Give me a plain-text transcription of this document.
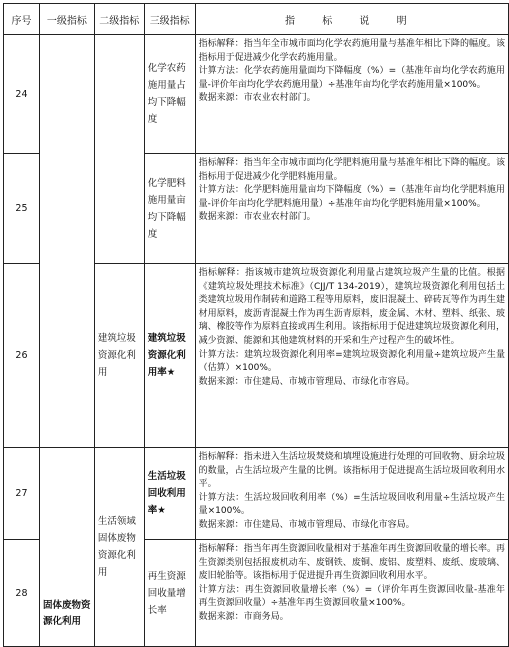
序号	一级指标	二级指标	三级指标	指 标 说 明
24			化学农药施用量占均下降幅度	指标解释：指当年全市城市面均化学农药施用量与基准年相比下降的幅度。该指标用于促进减少化学农药施用量。

计算方法：化学农药施用量面均下降幅度（%）=（基准年亩均化学农药施用量-评价年亩均化学农药施用量）÷基准年亩均化学农药施用量×100%。

数据来源：市农业农村部门。

25			化学肥料施用量亩均下降幅度	指标解释：指当年全市城市面均化学肥料施用量与基准年相比下降的幅度。该指标用于促进减少化学肥料施用量。

计算方法：化学肥料施用量亩均下降幅度（%）=（基准年亩均化学肥料施用量-评价年亩均化学肥料施用量）÷基准年亩均化学肥料施用量×100%。

数据来源：市农业农村部门。

26		建筑垃圾资源化利用	建筑垃圾资源化利用率★	指标解释：指该城市建筑垃圾资源化利用量占建筑垃圾产生量的比值。根据《建筑垃圾处理技术标准》（CJJ/T 134-2019），建筑垃圾资源化利用包括土类建筑垃圾用作制砖和道路工程等用原料，废旧混凝土、碎砖瓦等作为再生建材用原料，废沥青混凝土作为再生沥青原料，废金属、木材、塑料、纸张、玻璃、橡胶等作为原料直接或再生利用。该指标用于促进建筑垃圾资源化利用，减少资源、能源和其他建筑材料的开采和生产过程产生的破坏性。

计算方法：建筑垃圾资源化利用率=建筑垃圾资源化利用量÷建筑垃圾产生量（估算）×100%。

数据来源：市住建局、市城市管理局、市绿化市容局。

27	固体废物资源化利用	生活领域固体废物资源化利用	生活垃圾回收利用率★	指标解释：指未进入生活垃圾焚烧和填埋设施进行处理的可回收物、厨余垃圾的数量，占生活垃圾产生量的比例。该指标用于促进提高生活垃圾回收利用水平。

计算方法：生活垃圾回收利用率（%）=生活垃圾回收利用量÷生活垃圾产生量×100%。

数据来源：市住建局、市城市管理局、市绿化市容局。

28			再生资源回收量增长率	指标解释：指当年再生资源回收量相对于基准年再生资源回收量的增长率。再生资源类别包括报废机动车、废钢铁、废铜、废铝、废塑料、废纸、废玻璃、废旧轮胎等。该指标用于促进提升再生资源回收利用水平。

计算方法：再生资源回收量增长率（%）=（评价年再生资源回收量-基准年再生资源回收量）÷基准年再生资源回收量×100%。

数据来源：市商务局。
